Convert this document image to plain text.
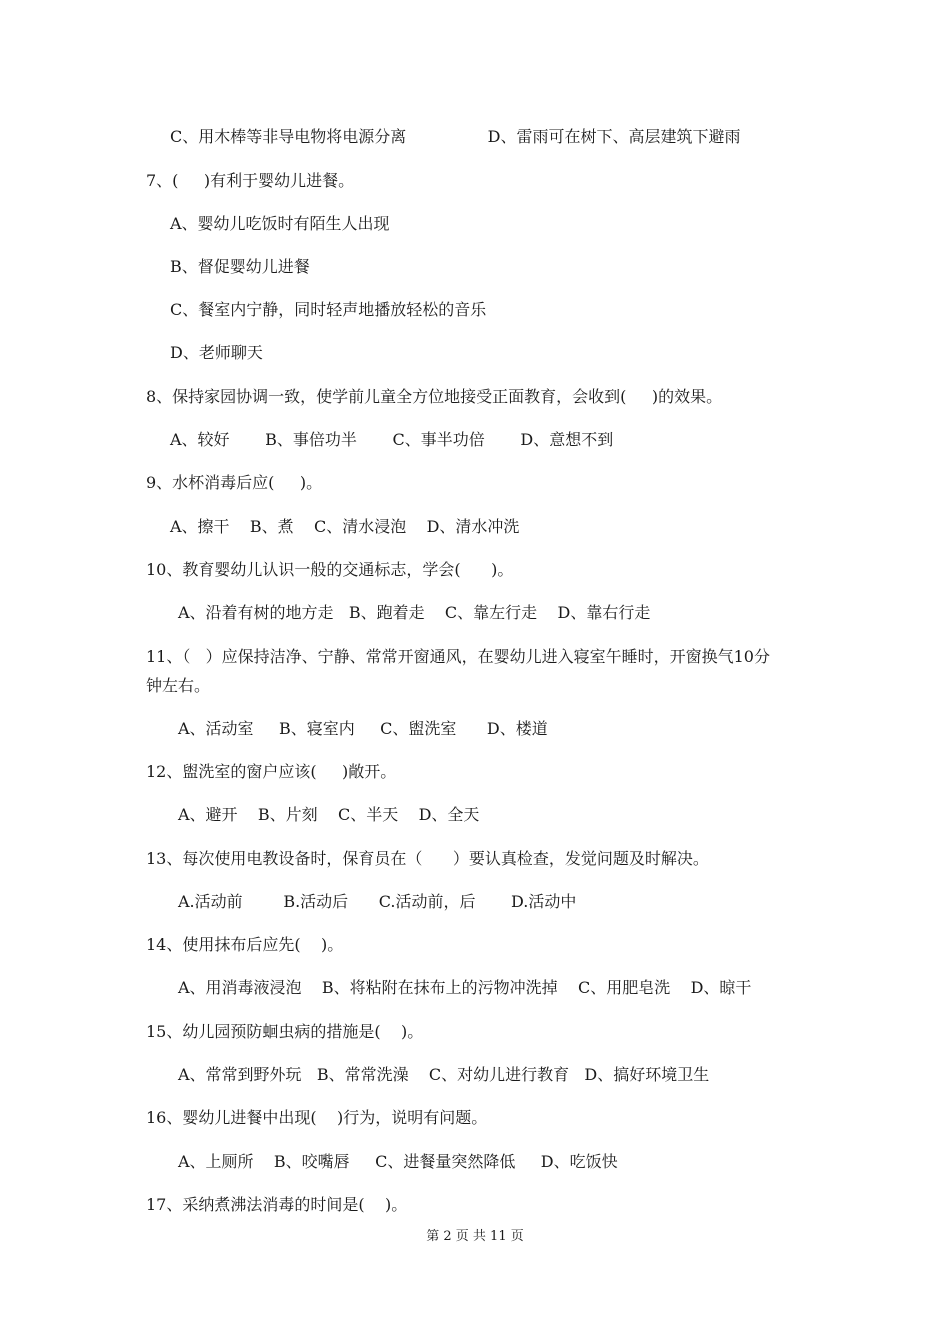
C、用木棒等非导电物将电源分离                D、雷雨可在树下、高层建筑下避雨
7、(     )有利于婴幼儿进餐。
A、婴幼儿吃饭时有陌生人出现
B、督促婴幼儿进餐
C、餐室内宁静，同时轻声地播放轻松的音乐
D、老师聊天
8、保持家园协调一致，使学前儿童全方位地接受正面教育，会收到(     )的效果。
A、较好       B、事倍功半       C、事半功倍       D、意想不到
9、水杯消毒后应(     )。
A、擦干    B、煮    C、清水浸泡    D、清水冲洗
10、教育婴幼儿认识一般的交通标志，学会(      )。
A、沿着有树的地方走   B、跑着走    C、靠左行走    D、靠右行走
11、（   ）应保持洁净、宁静、常常开窗通风，在婴幼儿进入寝室午睡时，开窗换气10分
钟左右。
A、活动室     B、寝室内     C、盥洗室      D、楼道
12、盥洗室的窗户应该(     )敞开。
A、避开    B、片刻    C、半天    D、全天
13、每次使用电教设备时，保育员在（      ）要认真检查，发觉问题及时解决。
A.活动前        B.活动后      C.活动前，后       D.活动中
14、使用抹布后应先(    )。
A、用消毒液浸泡    B、将粘附在抹布上的污物冲洗掉    C、用肥皂洗    D、晾干
15、幼儿园预防蛔虫病的措施是(    )。
A、常常到野外玩   B、常常洗澡    C、对幼儿进行教育   D、搞好环境卫生
16、婴幼儿进餐中出现(    )行为，说明有问题。
A、上厕所    B、咬嘴唇     C、进餐量突然降低     D、吃饭快
17、采纳煮沸法消毒的时间是(    )。
第 2 页 共 11 页
